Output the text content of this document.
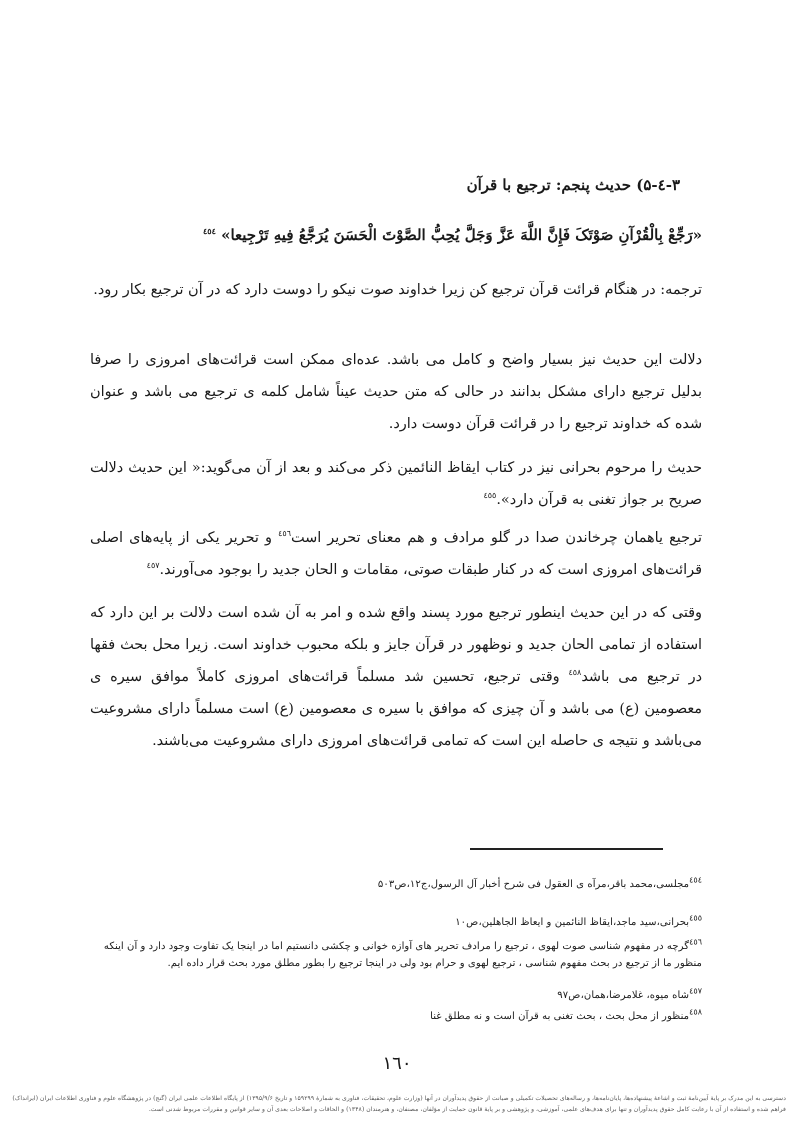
۳-٤-۵) حدیث پنجم: ترجیع با قرآن
«رَجِّعْ بِالْقُرْآنِ صَوْتَکَ فَإِنَّ اللَّهَ عَزَّ وَجَلَّ یُحِبُّ الصَّوْتَ الْحَسَنَ یُرَجَّعُ فِیهِ تَرْجِیعا» $^{٤٥٤}$
ترجمه: در هنگام قرائت قرآن ترجیع کن زیرا خداوند صوت نیکو را دوست دارد که در آن ترجیع بکار رود.
دلالت این حدیث نیز بسیار واضح و کامل می باشد. عده‌ای ممکن است قرائت‌های امروزی را صرفا بدلیل ترجیع دارای مشکل بدانند در حالی که متن حدیث عیناً شامل کلمه ی ترجیع می باشد و عنوان شده که خداوند ترجیع را در قرائت قرآن دوست دارد.
حدیث را مرحوم بحرانی نیز در کتاب ایقاظ النائمین ذکر می‌کند و بعد از آن می‌گوید:« این حدیث دلالت صریح بر جواز تغنی به قرآن دارد».$^{٤٥٥}$
ترجیع یاهمان چرخاندن صدا در گلو مرادف و هم معنای تحریر است$^{٤٥٦}$ و تحریر یکی از پایه‌های اصلی قرائت‌های امروزی است که در کنار طبقات صوتی، مقامات و الحان جدید را بوجود می‌آورند.$^{٤٥٧}$
وقتی که در این حدیث اینطور ترجیع مورد پسند واقع شده و امر به آن شده است دلالت بر این دارد که استفاده از تمامی الحان جدید و نوظهور در قرآن جایز و بلکه محبوب خداوند است. زیرا محل بحث فقها در ترجیع می باشد$^{٤٥٨}$ وقتی ترجیع، تحسین شد مسلماً قرائت‌های امروزی کاملاً موافق سیره ی معصومین (ع) می باشد و آن چیزی که موافق با سیره ی معصومین (ع) است مسلماً دارای مشروعیت می‌باشد و نتیجه ی حاصله این است که تمامی قرائت‌های امروزی دارای مشروعیت می‌باشند.
$^{٤٥٤}$مجلسی،محمد باقر،مرآه ی العقول فی شرح أخبار آل الرسول،ج۱۲،ص۵۰۳
$^{٤٥٥}$بحرانی،سید ماجد،ایقاظ النائمین و ایعاظ الجاهلین،ص۱۰
$^{٤٥٦}$گرچه در مفهوم شناسی صوت لهوی ، ترجیع را مرادف تحریر های آوازه خوانی و چکشی دانستیم اما در اینجا یک تفاوت وجود دارد و آن اینکه منظور ما از ترجیع در بحث مفهوم شناسی ، ترجیع لهوی و حرام بود ولی در اینجا ترجیع را بطور مطلق مورد بحث قرار داده ایم.
$^{٤٥٧}$شاه میوه، غلامرضا،همان،ص۹۷
$^{٤٥٨}$منظور از محل بحث ، بحث تغنی به قرآن است و نه مطلق غنا
۱٦۰
دسترسی به این مدرک بر پایهٔ آیین‌نامهٔ ثبت و اشاعهٔ پیشنهاده‌ها، پایان‌نامه‌ها، و رساله‌های تحصیلات تکمیلی و صیانت از حقوق پدیدآوران در آنها (وزارت علوم، تحقیقات، فناوری به شمارهٔ ۱۵۹۲۹۹ و تاریخ ۱۳۹۵/۹/۶) از پایگاه اطلاعات علمی ایران (گنج) در پژوهشگاه علوم و فناوری اطلاعات ایران (ایرانداک) فراهم شده و استفاده از آن با رعایت کامل حقوق پدیدآوران و تنها برای هدف‌های علمی، آموزشی، و پژوهشی و بر پایهٔ قانون حمایت از مؤلفان، مصنفان، و هنرمندان (۱۳۴۸) و الحاقات و اصلاحات بعدی آن و سایر قوانین و مقررات مربوط شدنی است.
